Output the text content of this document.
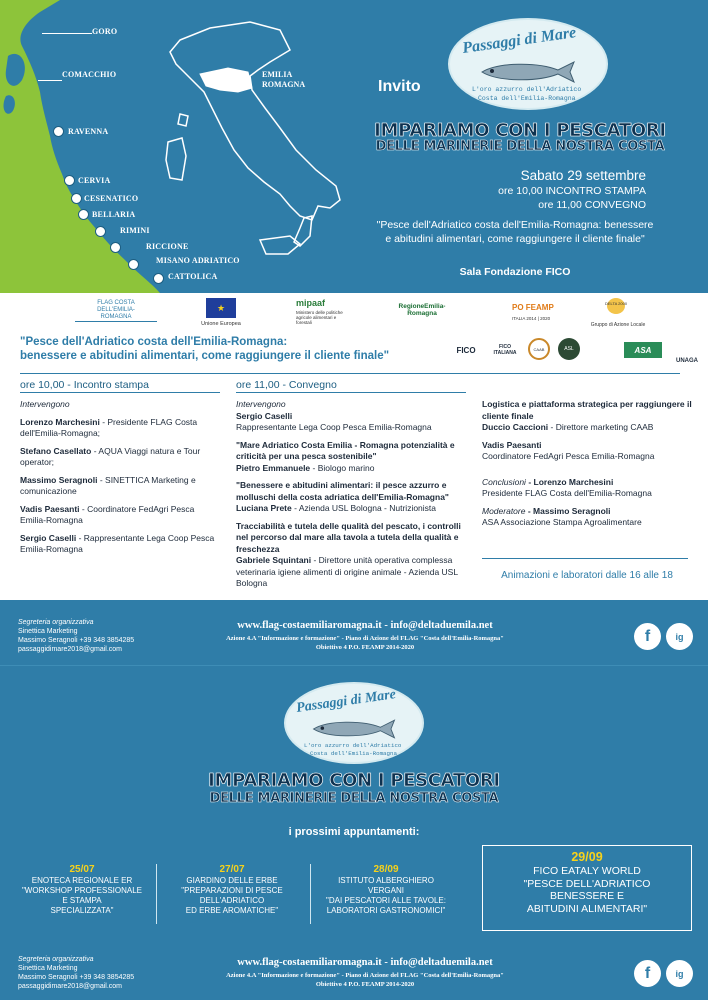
GORO
COMACCHIO
RAVENNA
CERVIA
CESENATICO
BELLARIA
RIMINI
RICCIONE
MISANO ADRIATICO
CATTOLICA
EMILIA
ROMAGNA	Invito
Passaggi di Mare
L'oro azzurro dell'Adriatico
Costa dell'Emilia-Romagna
IMPARIAMO CON I PESCATORI
DELLE MARINERIE DELLA NOSTRA COSTA
Sabato 29 settembre
ore 10,00 INCONTRO STAMPA
ore 11,00 CONVEGNO
"Pesce dell'Adriatico costa dell'Emilia-Romagna: benessere e abitudini alimentari, come raggiungere il cliente finale"
Sala Fondazione FICO
FLAG COSTA DELL'EMILIA-ROMAGNA
★
Unione Europea
mipaaf
Ministero delle politiche agricole alimentari e forestali
RegioneEmilia-Romagna
PO FEAMP
ITALIA 2014 | 2020
DELTA 2000
Gruppo di Azione Locale
"Pesce dell'Adriatico costa dell'Emilia-Romagna:
benessere e abitudini alimentari, come raggiungere il cliente finale"	FICO	FICO ITALIANA
CAAB	ASL	ASA
UNAGA
ore 10,00 - Incontro stampa	ore 11,00 - Convegno

Intervengono

Lorenzo Marchesini - Presidente FLAG Costa dell'Emilia-Romagna;

Stefano Casellato - AQUA Viaggi natura e Tour operator;

Massimo Seragnoli - SINETTICA Marketing e comunicazione

Vadis Paesanti - Coordinatore FedAgri Pesca Emilia-Romagna

Sergio Caselli - Rappresentante Lega Coop Pesca Emilia-Romagna

Intervengono

Sergio Caselli
Rappresentante Lega Coop Pesca Emilia-Romagna

"Mare Adriatico Costa Emilia - Romagna potenzialità e criticità per una pesca sostenibile"
Pietro Emmanuele - Biologo marino

"Benessere e abitudini alimentari: il pesce azzurro e molluschi della costa adriatica dell'Emilia-Romagna"
Luciana Prete - Azienda USL Bologna - Nutrizionista

Tracciabilità e tutela delle qualità del pescato, i controlli nel percorso dal mare alla tavola a tutela della qualità e freschezza
Gabriele Squintani - Direttore unità operativa complessa veterinaria igiene alimenti di origine animale - Azienda USL Bologna

Logistica e piattaforma strategica per raggiungere il cliente finale
Duccio Caccioni - Direttore marketing CAAB

Vadis Paesanti
Coordinatore FedAgri Pesca Emilia-Romagna

Conclusioni - Lorenzo Marchesini
Presidente FLAG Costa dell'Emilia-Romagna

Moderatore - Massimo Seragnoli
ASA Associazione Stampa Agroalimentare

Animazioni e laboratori dalle 16 alle 18
Segreteria organizzativa
Sinettica Marketing
Massimo Seragnoli +39 348 3854285
passaggidimare2018@gmail.com
www.flag-costaemiliaromagna.it - info@deltaduemila.net
Azione 4.A "Informazione e formazione" - Piano di Azione del FLAG "Costa dell'Emilia-Romagna"
Obiettivo 4 P.O. FEAMP 2014-2020
f	ig
Passaggi di Mare
L'oro azzurro dell'Adriatico
Costa dell'Emilia-Romagna
IMPARIAMO CON I PESCATORI
DELLE MARINERIE DELLA NOSTRA COSTA
i prossimi appuntamenti:
25/07
ENOTECA REGIONALE ER
"WORKSHOP PROFESSIONALE
E STAMPA
SPECIALIZZATA"
27/07
GIARDINO DELLE ERBE
"PREPARAZIONI DI PESCE
DELL'ADRIATICO
ED ERBE AROMATICHE"
28/09
ISTITUTO ALBERGHIERO
VERGANI
"DAI PESCATORI ALLE TAVOLE:
LABORATORI GASTRONOMICI"
29/09
FICO EATALY WORLD
"PESCE DELL'ADRIATICO
BENESSERE E
ABITUDINI ALIMENTARI"
Segreteria organizzativa
Sinettica Marketing
Massimo Seragnoli +39 348 3854285
passaggidimare2018@gmail.com
www.flag-costaemiliaromagna.it - info@deltaduemila.net
Azione 4.A "Informazione e formazione" - Piano di Azione del FLAG "Costa dell'Emilia-Romagna"
Obiettivo 4 P.O. FEAMP 2014-2020
f	ig
